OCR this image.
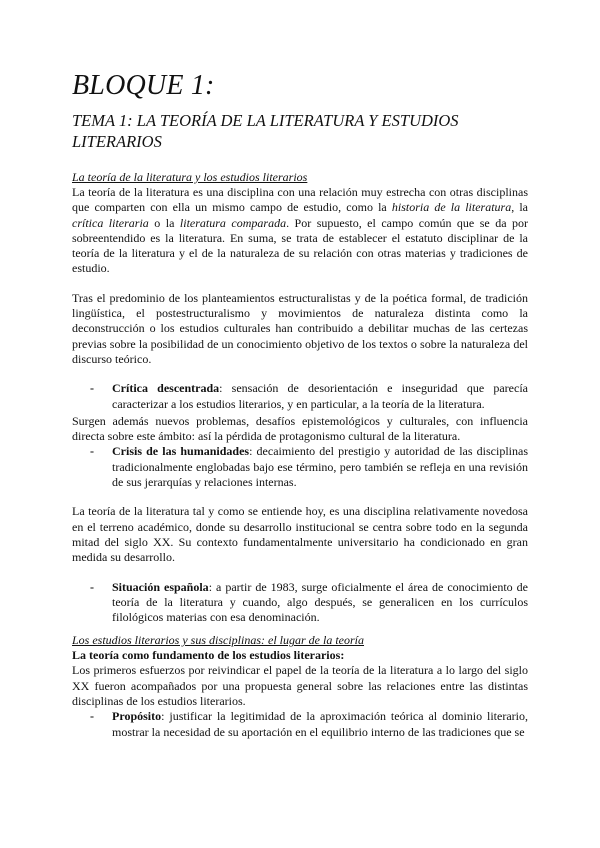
BLOQUE 1:
TEMA 1: LA TEORÍA DE LA LITERATURA Y ESTUDIOS LITERARIOS
La teoría de la literatura y los estudios literarios

La teoría de la literatura es una disciplina con una relación muy estrecha con otras disciplinas que comparten con ella un mismo campo de estudio, como la historia de la literatura, la crítica literaria o la literatura comparada. Por supuesto, el campo común que se da por sobreentendido es la literatura. En suma, se trata de establecer el estatuto disciplinar de la teoría de la literatura y el de la naturaleza de su relación con otras materias y tradiciones de estudio.

Tras el predominio de los planteamientos estructuralistas y de la poética formal, de tradición lingüística, el postestructuralismo y movimientos de naturaleza distinta como la deconstrucción o los estudios culturales han contribuido a debilitar muchas de las certezas previas sobre la posibilidad de un conocimiento objetivo de los textos o sobre la naturaleza del discurso teórico.

-	Crítica descentrada: sensación de desorientación e inseguridad que parecía caracterizar a los estudios literarios, y en particular, a la teoría de la literatura.

Surgen además nuevos problemas, desafíos epistemológicos y culturales, con influencia directa sobre este ámbito: así la pérdida de protagonismo cultural de la literatura.

-	Crisis de las humanidades: decaimiento del prestigio y autoridad de las disciplinas tradicionalmente englobadas bajo ese término, pero también se refleja en una revisión de sus jerarquías y relaciones internas.

La teoría de la literatura tal y como se entiende hoy, es una disciplina relativamente novedosa en el terreno académico, donde su desarrollo institucional se centra sobre todo en la segunda mitad del siglo XX. Su contexto fundamentalmente universitario ha condicionado en gran medida su desarrollo.

-	Situación española: a partir de 1983, surge oficialmente el área de conocimiento de teoría de la literatura y cuando, algo después, se generalicen en los currículos filológicos materias con esa denominación.
Los estudios literarios y sus disciplinas: el lugar de la teoría
La teoría como fundamento de los estudios literarios:

Los primeros esfuerzos por reivindicar el papel de la teoría de la literatura a lo largo del siglo XX fueron acompañados por una propuesta general sobre las relaciones entre las distintas disciplinas de los estudios literarios.

-	Propósito: justificar la legitimidad de la aproximación teórica al dominio literario, mostrar la necesidad de su aportación en el equilibrio interno de las tradiciones que se
